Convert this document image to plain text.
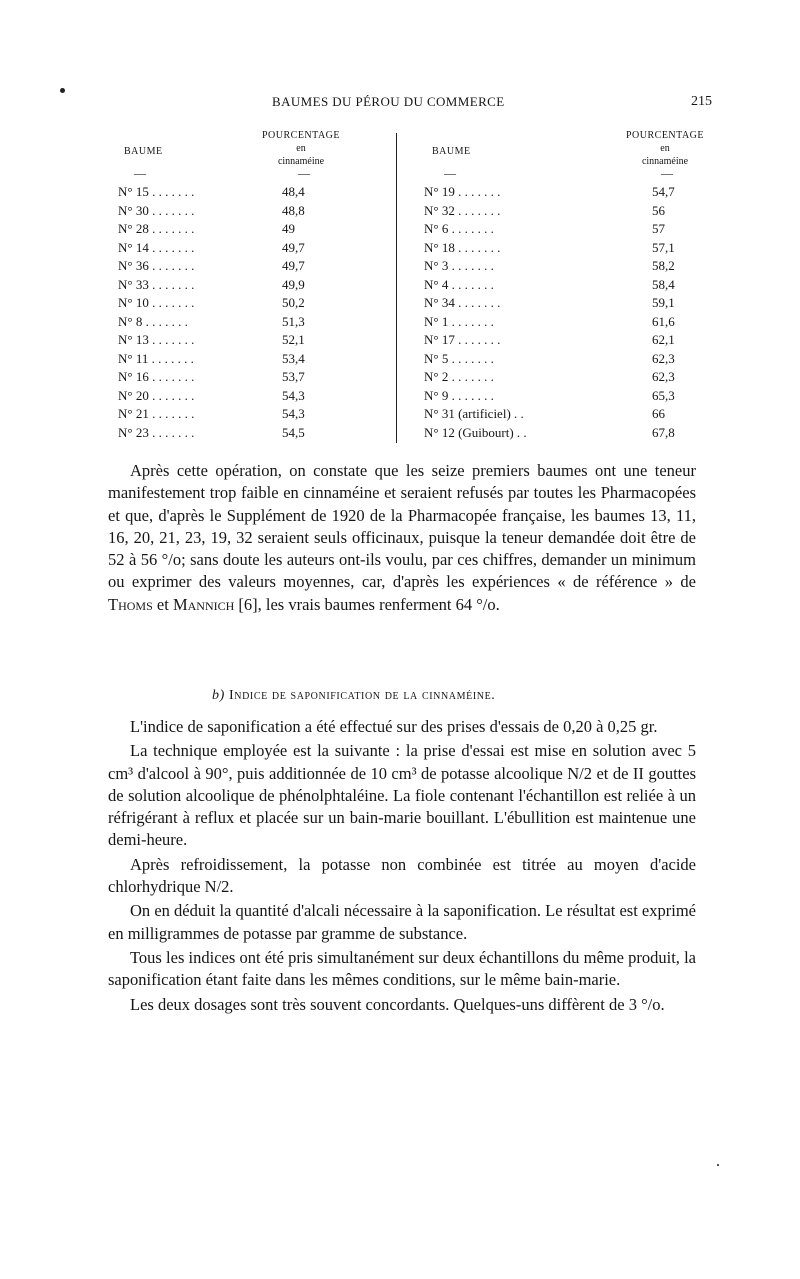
BAUMES DU PÉROU DU COMMERCE	215
BAUME
POURCENTAGE
en
cinnaméine
—	—
N° 15 . . . . . . .	48,4
N° 30 . . . . . . .	48,8
N° 28 . . . . . . .	49
N° 14 . . . . . . .	49,7
N° 36 . . . . . . .	49,7
N° 33 . . . . . . .	49,9
N° 10 . . . . . . .	50,2
N° 8 . . . . . . .	51,3
N° 13 . . . . . . .	52,1
N° 11 . . . . . . .	53,4
N° 16 . . . . . . .	53,7
N° 20 . . . . . . .	54,3
N° 21 . . . . . . .	54,3
N° 23 . . . . . . .	54,5
BAUME
POURCENTAGE
en
cinnaméine
—	—
N° 19 . . . . . . .	54,7
N° 32 . . . . . . .	56
N° 6 . . . . . . .	57
N° 18 . . . . . . .	57,1
N° 3 . . . . . . .	58,2
N° 4 . . . . . . .	58,4
N° 34 . . . . . . .	59,1
N° 1 . . . . . . .	61,6
N° 17 . . . . . . .	62,1
N° 5 . . . . . . .	62,3
N° 2 . . . . . . .	62,3
N° 9 . . . . . . .	65,3
N° 31 (artificiel) . .	66
N° 12 (Guibourt) . .	67,8

Après cette opération, on constate que les seize premiers baumes ont une teneur manifestement trop faible en cinnaméine et seraient refusés par toutes les Pharmacopées et que, d'après le Supplément de 1920 de la Pharmacopée française, les baumes 13, 11, 16, 20, 21, 23, 19, 32 seraient seuls officinaux, puisque la teneur demandée doit être de 52 à 56 °/o; sans doute les auteurs ont-ils voulu, par ces chiffres, demander un minimum ou exprimer des valeurs moyennes, car, d'après les expériences « de référence » de Thoms et Mannich [6], les vrais baumes renferment 64 °/o.

b) Indice de saponification de la cinnaméine.

L'indice de saponification a été effectué sur des prises d'essais de 0,20 à 0,25 gr.

La technique employée est la suivante : la prise d'essai est mise en solution avec 5 cm³ d'alcool à 90°, puis additionnée de 10 cm³ de potasse alcoolique N/2 et de II gouttes de solution alcoolique de phénolphtaléine. La fiole contenant l'échantillon est reliée à un réfrigérant à reflux et placée sur un bain-marie bouillant. L'ébullition est maintenue une demi-heure.

Après refroidissement, la potasse non combinée est titrée au moyen d'acide chlorhydrique N/2.

On en déduit la quantité d'alcali nécessaire à la saponification. Le résultat est exprimé en milligrammes de potasse par gramme de substance.

Tous les indices ont été pris simultanément sur deux échantillons du même produit, la saponification étant faite dans les mêmes conditions, sur le même bain-marie.

Les deux dosages sont très souvent concordants. Quelques-uns diffèrent de 3 °/o.
